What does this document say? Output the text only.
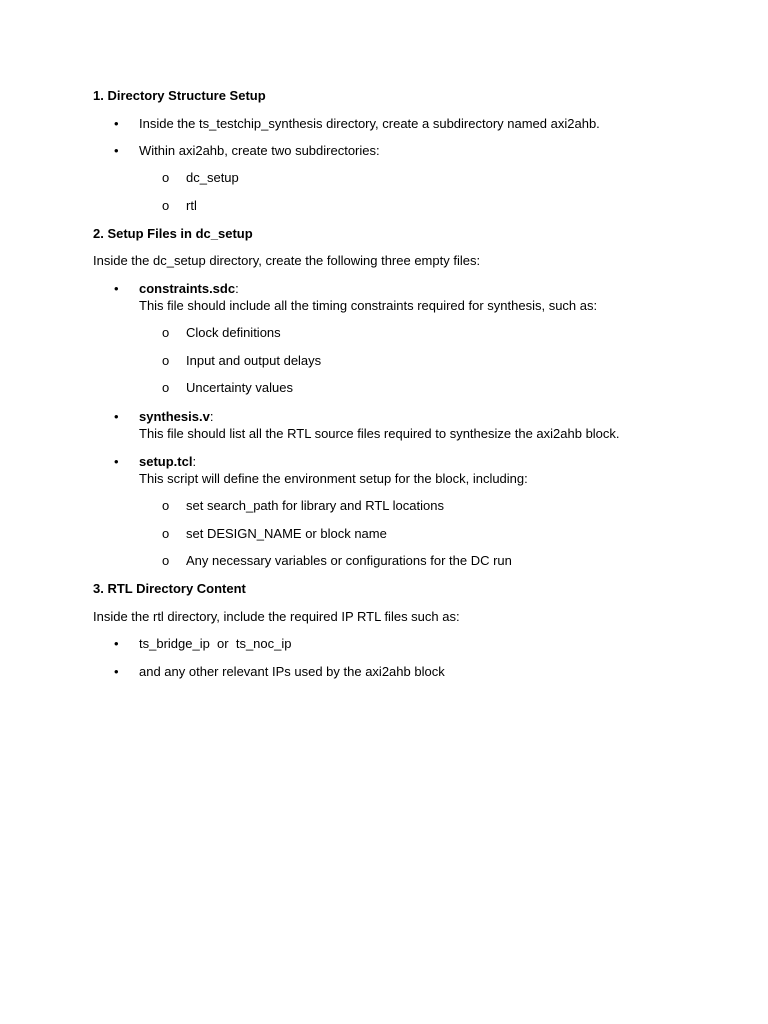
1. Directory Structure Setup
• Inside the ts_testchip_synthesis directory, create a subdirectory named axi2ahb.
• Within axi2ahb, create two subdirectories:
o dc_setup
o rtl
2. Setup Files in dc_setup
Inside the dc_setup directory, create the following three empty files:
• constraints.sdc:
This file should include all the timing constraints required for synthesis, such as:
o Clock definitions
o Input and output delays
o Uncertainty values
• synthesis.v:
This file should list all the RTL source files required to synthesize the axi2ahb block.
• setup.tcl:
This script will define the environment setup for the block, including:
o set search_path for library and RTL locations
o set DESIGN_NAME or block name
o Any necessary variables or configurations for the DC run
3. RTL Directory Content
Inside the rtl directory, include the required IP RTL files such as:
• ts_bridge_ip  or  ts_noc_ip
• and any other relevant IPs used by the axi2ahb block
